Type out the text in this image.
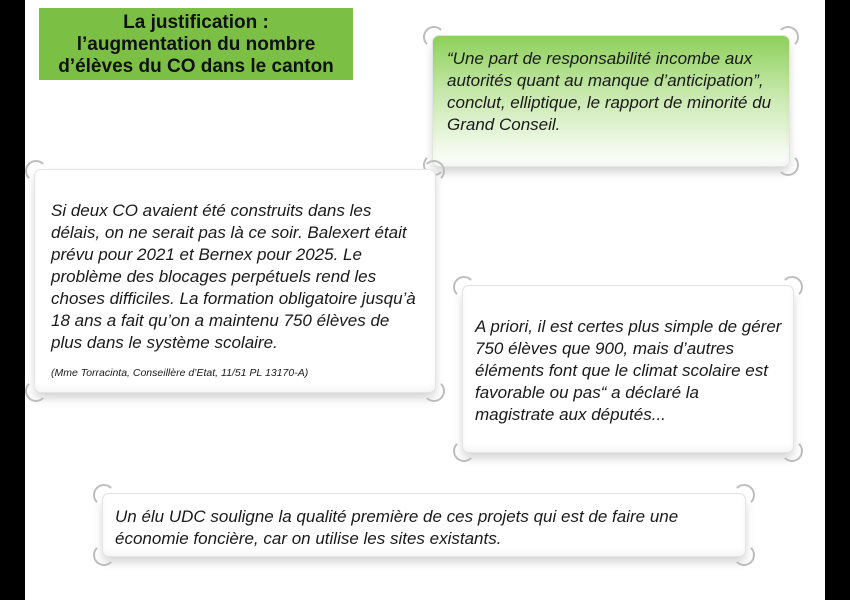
La justification :
l’augmentation du nombre
d’élèves du CO dans le canton	“Une part de responsabilité incombe aux autorités quant au manque d’anticipation”, conclut, elliptique, le rapport de minorité du Grand Conseil.
Si deux CO avaient été construits dans les délais, on ne serait pas là ce soir. Balexert était prévu pour 2021 et Bernex pour 2025. Le problème des blocages perpétuels rend les choses difficiles. La formation obligatoire jusqu’à 18 ans a fait qu’on a maintenu 750 élèves de plus dans le système scolaire.
(Mme Torracinta, Conseillère d’Etat, 11/51 PL 13170-A)
A priori, il est certes plus simple de gérer 750 élèves que 900, mais d’autres éléments font que le climat scolaire est favorable ou pas“ a déclaré la magistrate aux députés...
Un élu UDC souligne la qualité première de ces projets qui est de faire une économie foncière, car on utilise les sites existants.
